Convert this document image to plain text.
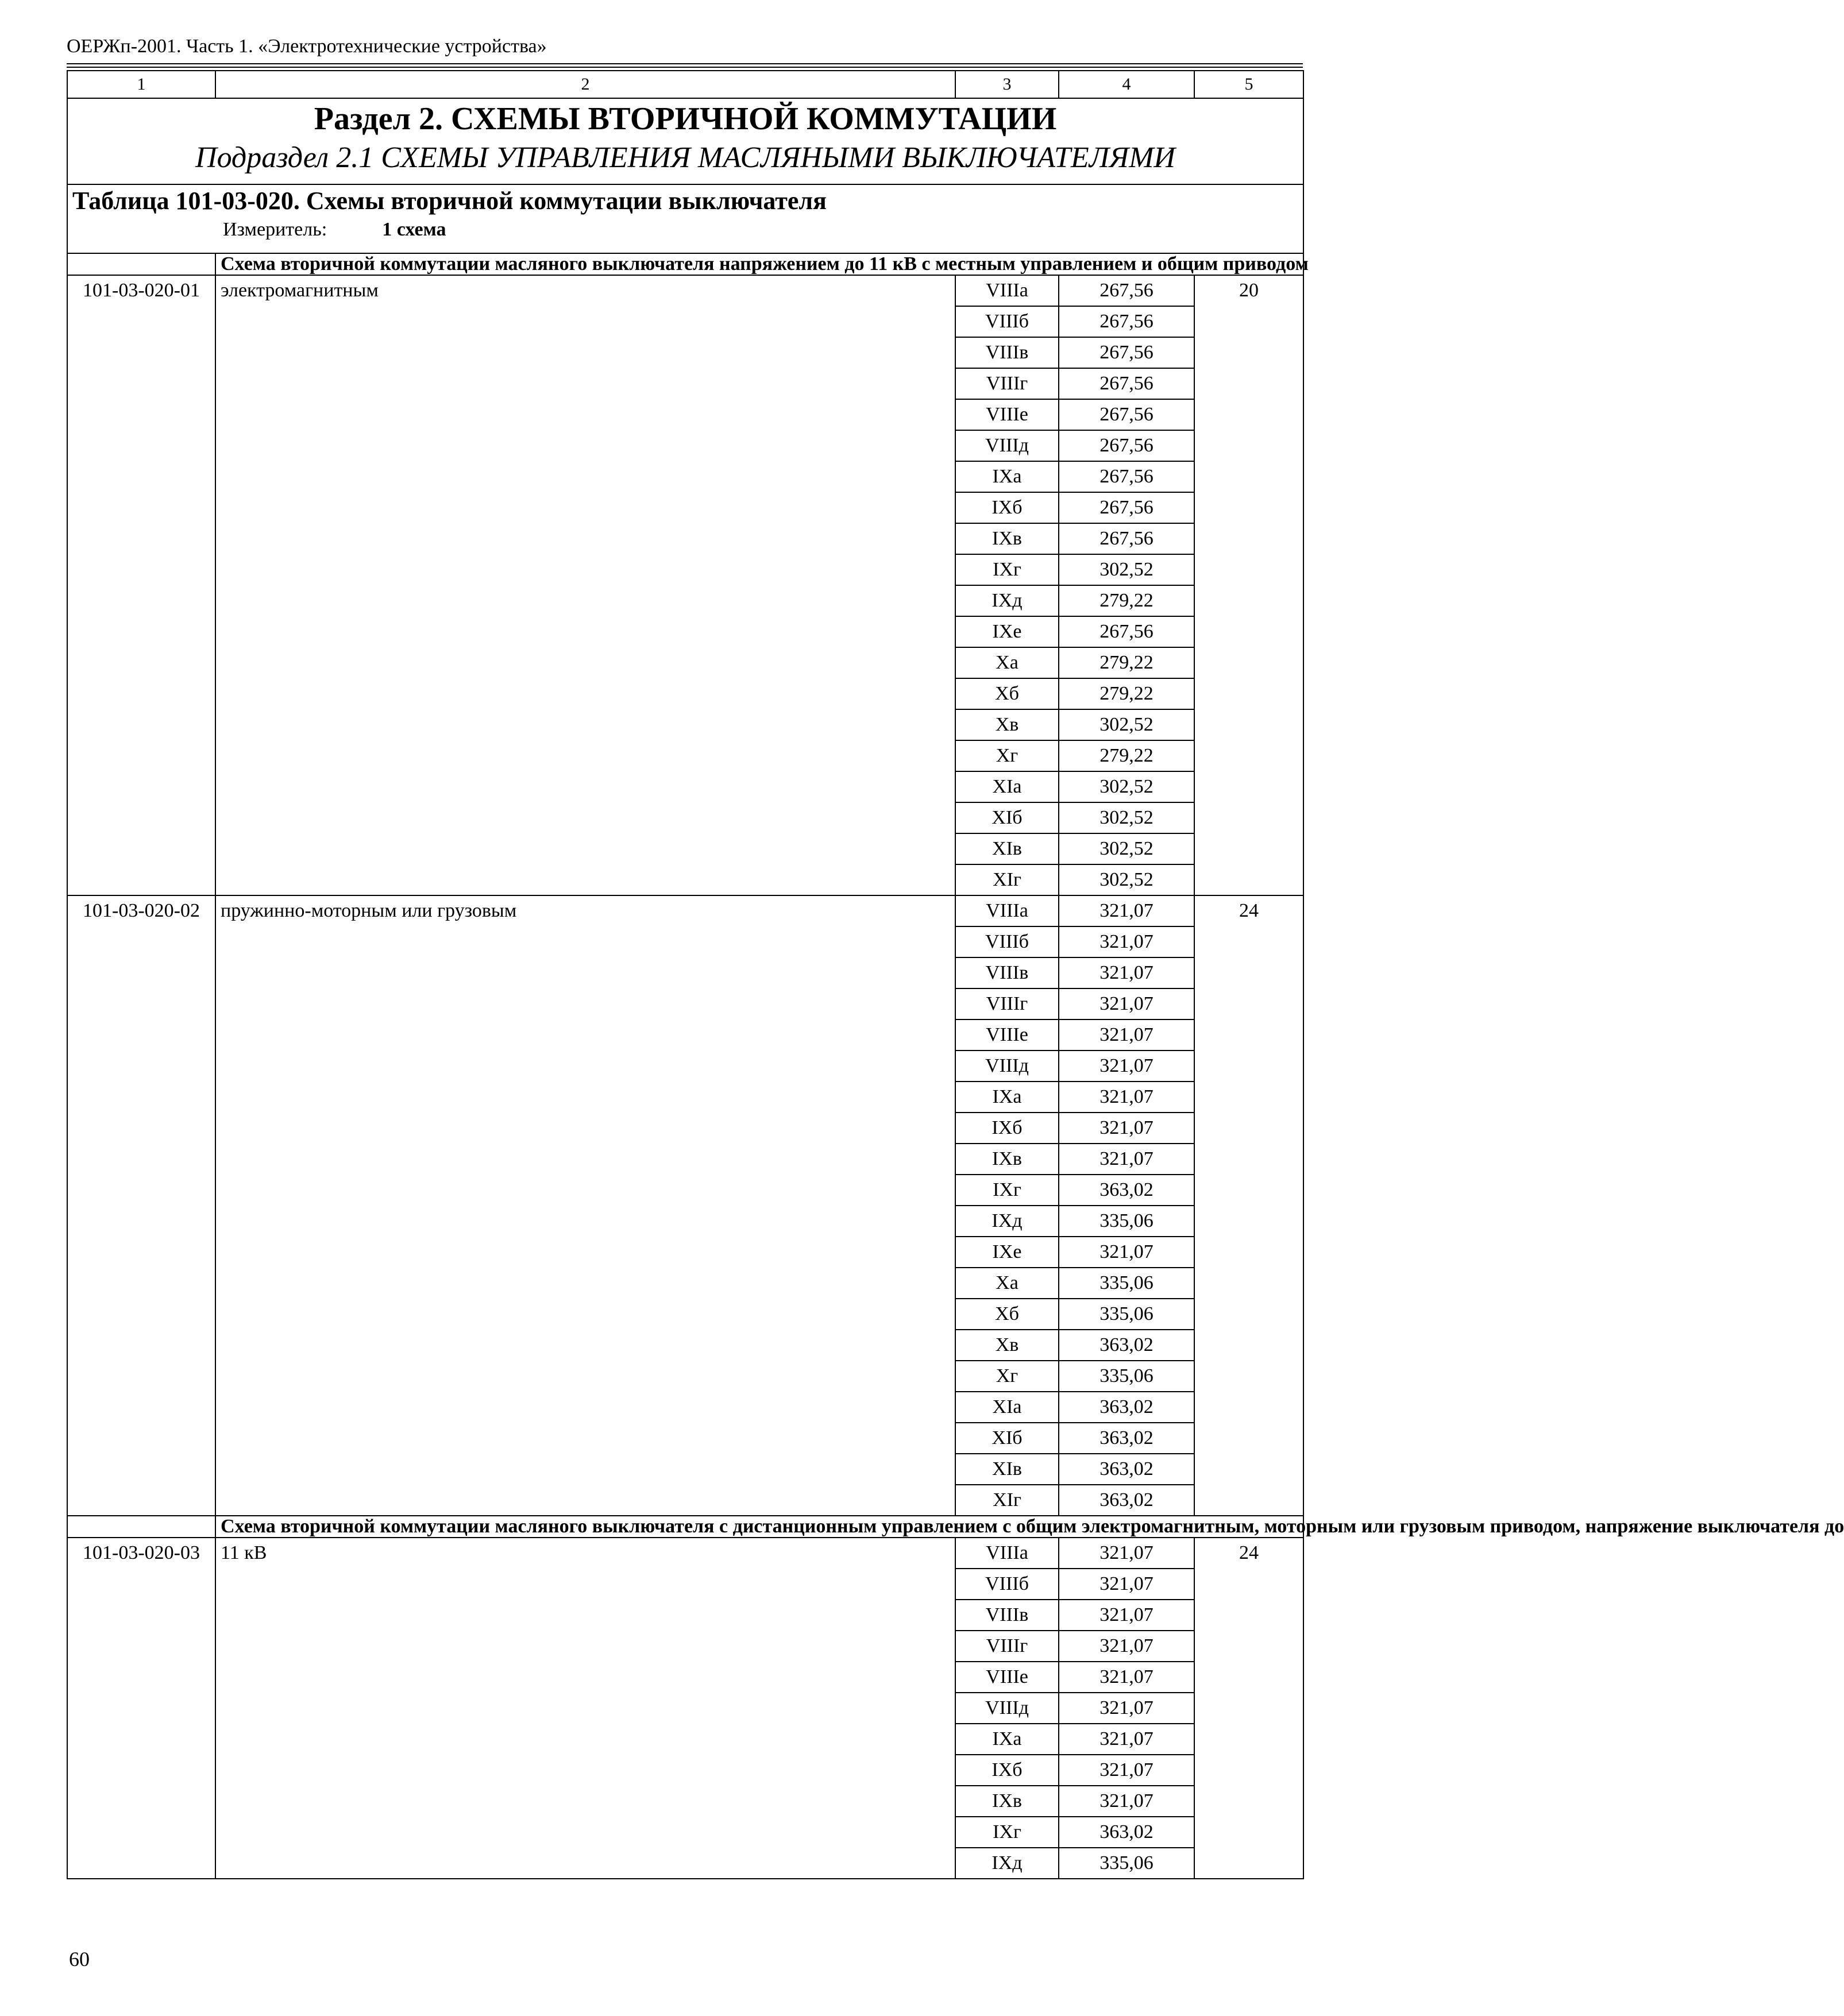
ОЕРЖп-2001. Часть 1. «Электротехнические устройства»
1	2	3	4	5

Раздел 2. СХЕМЫ ВТОРИЧНОЙ КОММУТАЦИИ
Подраздел 2.1 СХЕМЫ УПРАВЛЕНИЯ МАСЛЯНЫМИ ВЫКЛЮЧАТЕЛЯМИ				

Таблица 101-03-020. Схемы вторичной коммутации выключателя
Измеритель: 1 схема				

	Схема вторичной коммутации масляного выключателя напряжением до 11 кВ с местным управлением и общим приводом			
101-03-020-01	электромагнитным	VIIIа	267,56	20
		VIIIб	267,56	
		VIIIв	267,56	
		VIIIг	267,56	
		VIIIе	267,56	
		VIIIд	267,56	
		IXа	267,56	
		IXб	267,56	
		IXв	267,56	
		IXг	302,52	
		IXд	279,22	
		IXе	267,56	
		Xа	279,22	
		Xб	279,22	
		Xв	302,52	
		Xг	279,22	
		XIа	302,52	
		XIб	302,52	
		XIв	302,52	
		XIг	302,52	
101-03-020-02	пружинно-моторным или грузовым	VIIIа	321,07	24
		VIIIб	321,07	
		VIIIв	321,07	
		VIIIг	321,07	
		VIIIе	321,07	
		VIIIд	321,07	
		IXа	321,07	
		IXб	321,07	
		IXв	321,07	
		IXг	363,02	
		IXд	335,06	
		IXе	321,07	
		Xа	335,06	
		Xб	335,06	
		Xв	363,02	
		Xг	335,06	
		XIа	363,02	
		XIб	363,02	
		XIв	363,02	
		XIг	363,02	
	Схема вторичной коммутации масляного выключателя с дистанционным управлением с общим электромагнитным, моторным или грузовым приводом, напряжение выключателя до			
101-03-020-03	11 кВ	VIIIа	321,07	24
		VIIIб	321,07	
		VIIIв	321,07	
		VIIIг	321,07	
		VIIIе	321,07	
		VIIIд	321,07	
		IXа	321,07	
		IXб	321,07	
		IXв	321,07	
		IXг	363,02	
		IXд	335,06	
60
